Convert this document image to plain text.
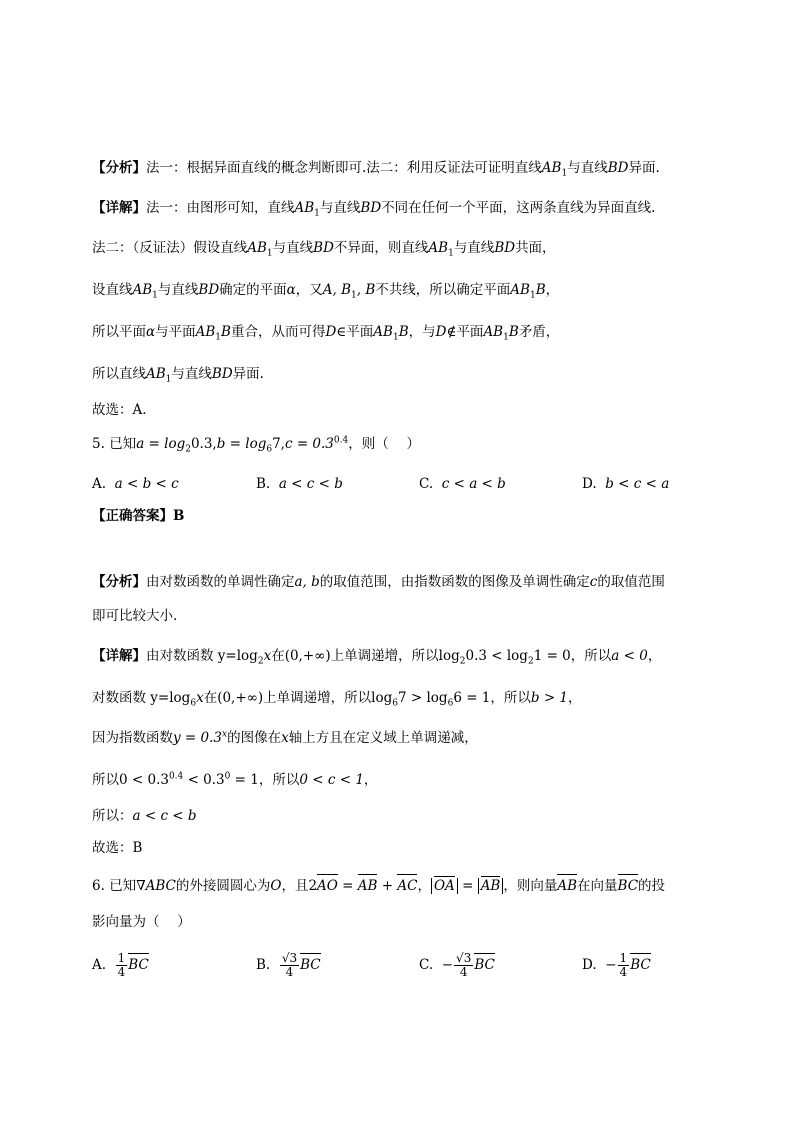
【分析】法一：根据异面直线的概念判断即可.法二：利用反证法可证明直线$AB_1$与直线BD异面.
【详解】法一：由图形可知，直线$AB_1$与直线BD不同在任何一个平面，这两条直线为异面直线.
法二：（反证法）假设直线$AB_1$与直线BD不异面，则直线$AB_1$与直线BD共面，
设直线$AB_1$与直线BD确定的平面α，又A, $B_1$, B不共线，所以确定平面$AB_1B$，
所以平面α与平面$AB_1B$重合，从而可得D∈平面$AB_1B$，与D∉平面$AB_1B$矛盾，
所以直线$AB_1$与直线BD异面.
故选：A.
5. 已知$a = \log_20.3,b = \log_67,c = 0.3^{0.4}$，则（　 ）
A. a < b < c	B. a < c < b	C. c < a < b	D. b < c < a
【正确答案】B
【分析】由对数函数的单调性确定a, b的取值范围，由指数函数的图像及单调性确定c的取值范围
即可比较大小.
【详解】由对数函数 $y=\log_2x$在(0,+∞)上单调递增，所以$\log_20.3 < \log_21 = 0$，所以a < 0，
对数函数 $y=\log_6x$在(0,+∞)上单调递增，所以$\log_67 > \log_66 = 1$，所以b > 1，
因为指数函数$y = 0.3^x$的图像在x轴上方且在定义域上单调递减，
所以$0 < 0.3^{0.4} < 0.3^0 = 1$，所以0 < c < 1，
所以：a < c < b
故选：B
6. 已知∇ABC的外接圆圆心为O，且2AO = AB + AC， OA = AB ，则向量AB在向量BC的投
影向量为（　 ）
A. $\frac{1}{4}$ BC	B. $\frac{√3}{4}$ BC	C. − $\frac{√3}{4}$ BC	D. − $\frac{1}{4}$ BC
